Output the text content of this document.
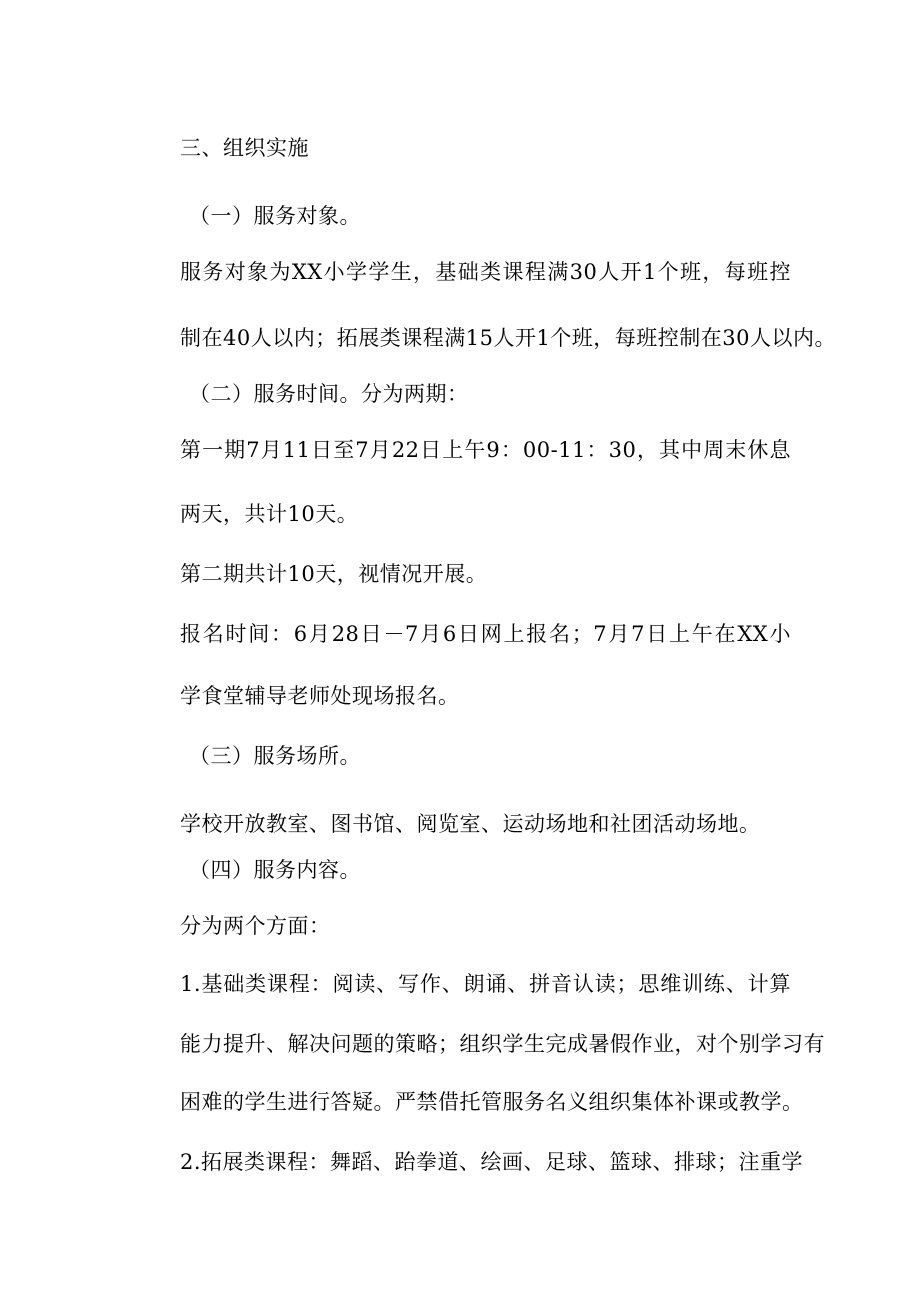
三、组织实施
（一）服务对象。
服务对象为XX小学学生，基础类课程满30人开1个班，每班控
制在40人以内；拓展类课程满15人开1个班，每班控制在30人以内。
（二）服务时间。分为两期：
第一期7月11日至7月22日上午9：00-11：30，其中周末休息
两天，共计10天。
第二期共计10天，视情况开展。
报名时间：6月28日－7月6日网上报名；7月7日上午在XX小
学食堂辅导老师处现场报名。
（三）服务场所。
学校开放教室、图书馆、阅览室、运动场地和社团活动场地。
（四）服务内容。
分为两个方面：
1.基础类课程：阅读、写作、朗诵、拼音认读；思维训练、计算
能力提升、解决问题的策略；组织学生完成暑假作业，对个别学习有
困难的学生进行答疑。严禁借托管服务名义组织集体补课或教学。
2.拓展类课程：舞蹈、跆拳道、绘画、足球、篮球、排球；注重学
